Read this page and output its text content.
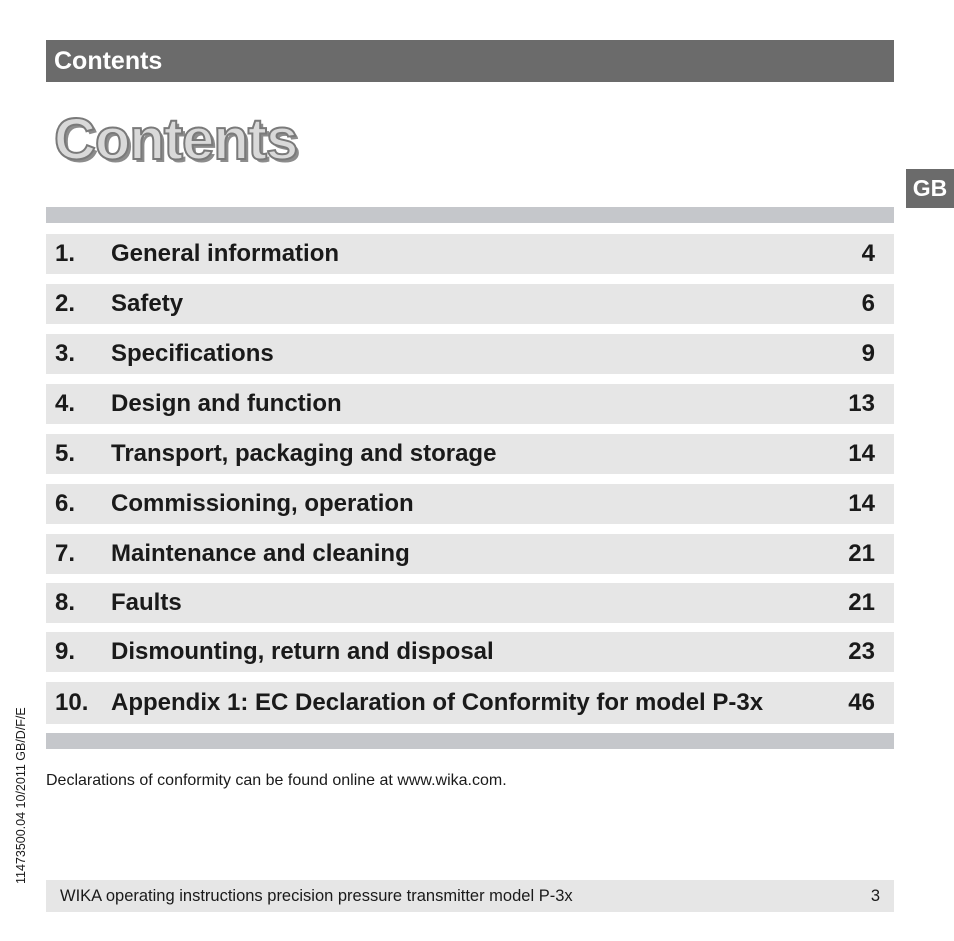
Contents
Contents
GB
1. General information	4
2. Safety	6
3. Specifications	9
4. Design and function	13
5. Transport, packaging and storage	14
6. Commissioning, operation	14
7. Maintenance and cleaning	21
8. Faults	21
9. Dismounting, return and disposal	23
10. Appendix 1: EC Declaration of Conformity for model P-3x	46
Declarations of conformity can be found online at www.wika.com.
WIKA operating instructions precision pressure transmitter model P-3x	3
11473500.04 10/2011 GB/D/F/E
